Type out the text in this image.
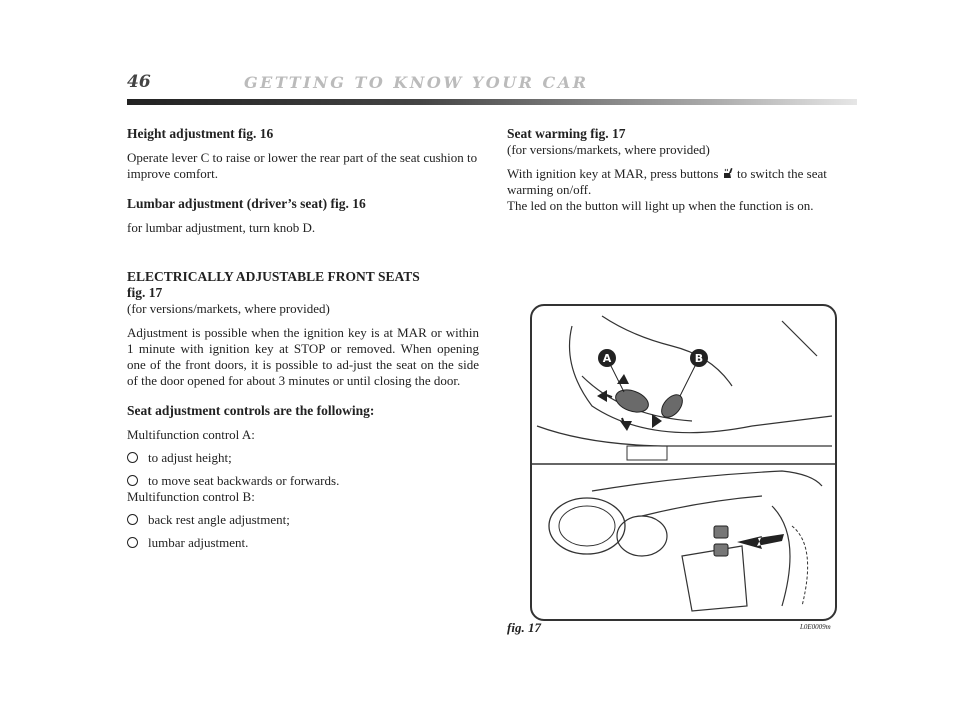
46	GETTING TO KNOW YOUR CAR

Height adjustment fig. 16

Operate lever C to raise or lower the rear part of the seat cushion to improve comfort.

Lumbar adjustment (driver’s seat) fig. 16

for lumbar adjustment, turn knob D.

ELECTRICALLY ADJUSTABLE FRONT SEATS

fig. 17

(for versions/markets, where provided)

Adjustment is possible when the ignition key is at MAR or within 1 minute with ignition key at STOP or removed. When opening one of the front doors, it is possible to ad-just the seat on the side of the door opened for about 3 minutes or until closing the door.

Seat adjustment controls are the following:

Multifunction control A:

to adjust height;
to move seat backwards or forwards.

Multifunction control B:

back rest angle adjustment;
lumbar adjustment.

Seat warming fig. 17

(for versions/markets, where provided)

With ignition key at MAR, press buttons to switch the seat warming on/off.

The led on the button will light up when the function is on.

A	B
fig. 17	L0E0009m
